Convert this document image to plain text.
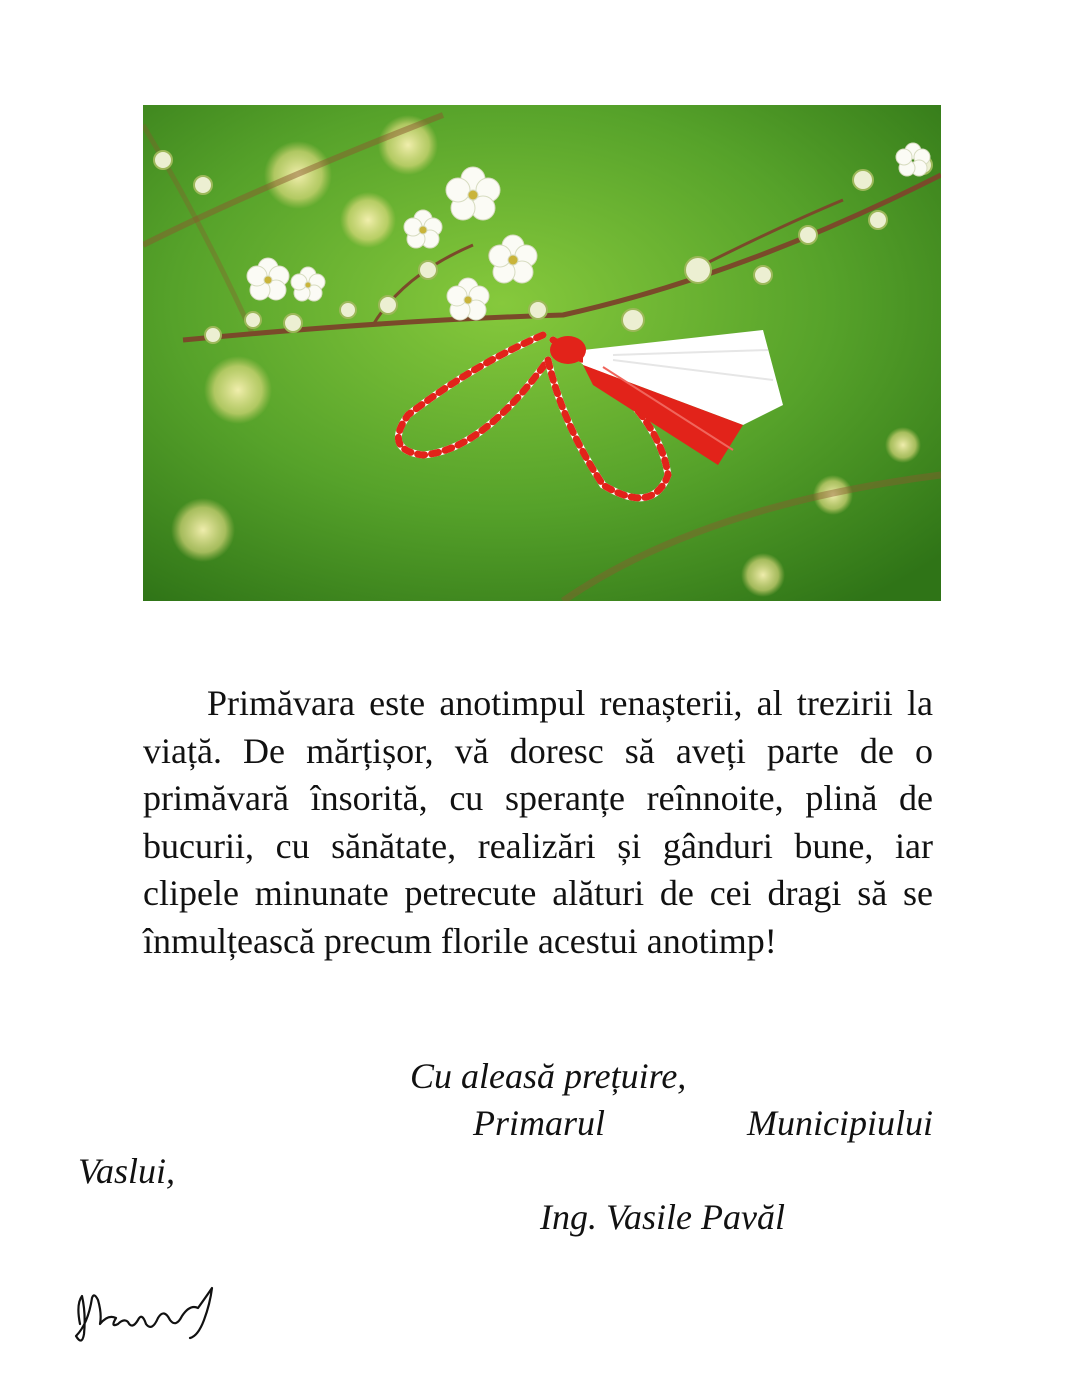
Primăvara este anotimpul renașterii, al trezirii la viață. De mărțișor, vă doresc să aveți parte de o primăvară însorită, cu speranțe reînnoite, plină de bucurii, cu sănătate, realizări și gânduri bune, iar clipele minunate petrecute alături de cei dragi să se înmulțească precum florile acestui anotimp!

Cu aleasă prețuire,
Primarul	Municipiului
Vaslui,
Ing. Vasile Pavăl
